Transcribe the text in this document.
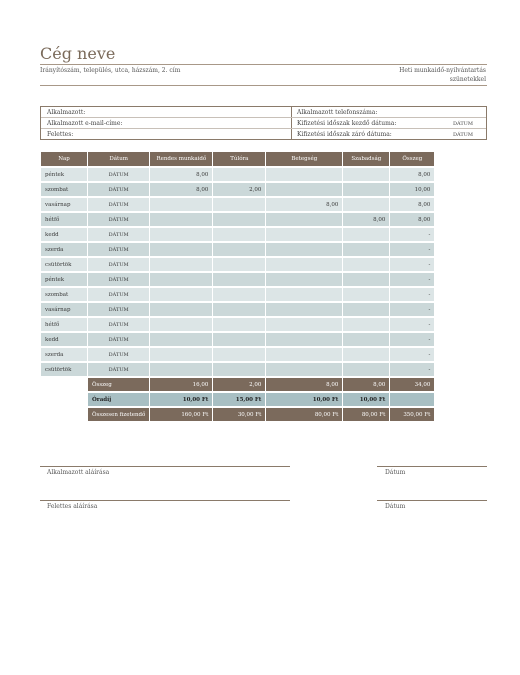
Cég neve
Irányítószám, település, utca, házszám, 2. cím	Heti munkaidő-nyilvántartás
szünetekkel
Alkalmazott:	Alkalmazott telefonszáma:
Alkalmazott e-mail-címe:	Kifizetési időszak kezdő dátuma:	DÁTUM
Felettes:	Kifizetési időszak záró dátuma:	DÁTUM
Nap	Dátum	Rendes munkaidő	Túlóra	Betegség	Szabadság	Összeg
péntek	DÁTUM	8,00				8,00
szombat	DÁTUM	8,00	2,00			10,00
vasárnap	DÁTUM			8,00		8,00
hétfő	DÁTUM				8,00	8,00
kedd	DÁTUM					-
szerda	DÁTUM					-
csütörtök	DÁTUM					-
péntek	DÁTUM					-
szombat	DÁTUM					-
vasárnap	DÁTUM					-
hétfő	DÁTUM					-
kedd	DÁTUM					-
szerda	DÁTUM					-
csütörtök	DÁTUM					-
	Összeg	16,00	2,00	8,00	8,00	34,00
	Óradíj	10,00 Ft	15,00 Ft	10,00 Ft	10,00 Ft	
	Összesen fizetendő	160,00 Ft	30,00 Ft	80,00 Ft	80,00 Ft	350,00 Ft
Alkalmazott aláírása	Dátum
Felettes aláírása	Dátum
